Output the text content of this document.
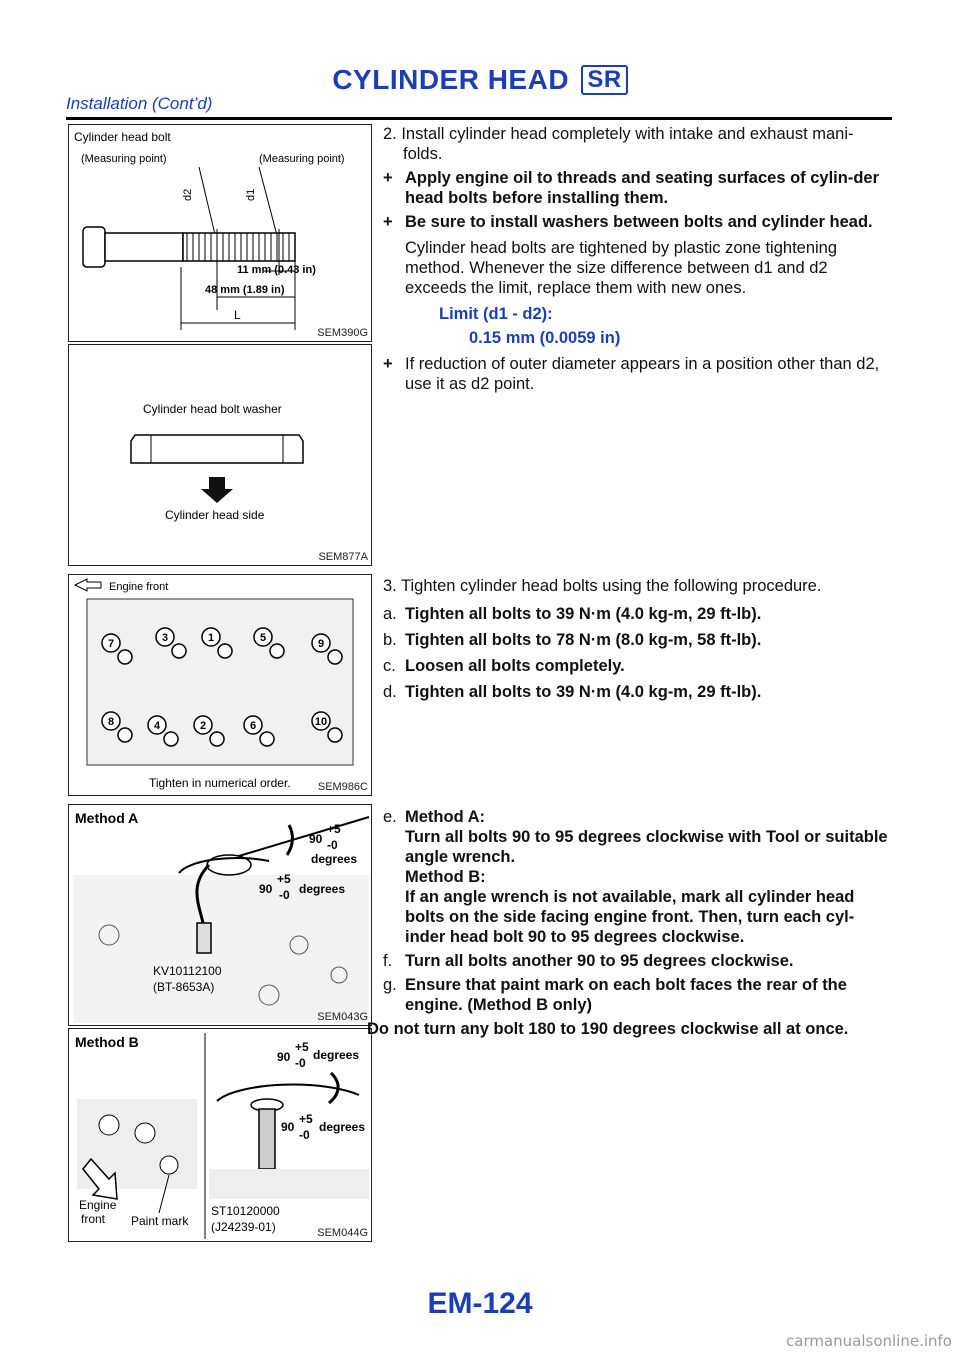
CYLINDER HEAD SR
Installation (Cont’d)
Cylinder head bolt
(Measuring point)	(Measuring point)
d2	d1
11 mm (0.43 in)
48 mm (1.89 in)
L
SEM390G
Cylinder head bolt washer
Cylinder head side
SEM877A
Engine front
7	3	1	5	9
8	4	2	6	10
Tighten in numerical order. SEM986C
Method A
90
+5
-0
degrees
90
+5
-0 degrees
KV10112100
(BT-8653A)
SEM043G
Method B
Engine
front Paint mark
90
+5
-0
degrees
90
+5
-0
degrees
ST10120000
(J24239-01)	SEM044G
2. Install cylinder head completely with intake and exhaust mani-
folds.
+ Apply engine oil to threads and seating surfaces of cylin-der head bolts before installing them.
+ Be sure to install washers between bolts and cylinder head.
Cylinder head bolts are tightened by plastic zone tightening method. Whenever the size difference between d1 and d2 exceeds the limit, replace them with new ones.
Limit (d1 - d2):
0.15 mm (0.0059 in)
+ If reduction of outer diameter appears in a position other than d2, use it as d2 point.
3. Tighten cylinder head bolts using the following procedure.
a. Tighten all bolts to 39 N·m (4.0 kg-m, 29 ft-lb).
b. Tighten all bolts to 78 N·m (8.0 kg-m, 58 ft-lb).
c. Loosen all bolts completely.
d. Tighten all bolts to 39 N·m (4.0 kg-m, 29 ft-lb).
e. Method A:
Turn all bolts 90 to 95 degrees clockwise with Tool or suitable angle wrench.
Method B:
If an angle wrench is not available, mark all cylinder head bolts on the side facing engine front. Then, turn each cyl-inder head bolt 90 to 95 degrees clockwise.
f. Turn all bolts another 90 to 95 degrees clockwise.
g. Ensure that paint mark on each bolt faces the rear of the engine. (Method B only)
Do not turn any bolt 180 to 190 degrees clockwise all at once.
EM-124
carmanualsonline.info
